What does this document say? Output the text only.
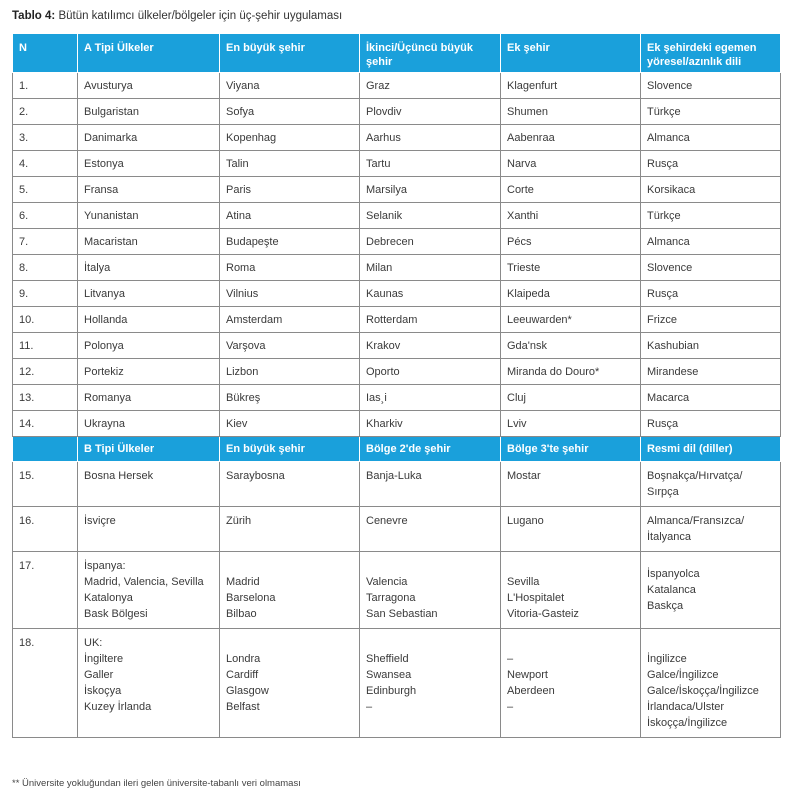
Tablo 4: Bütün katılımcı ülkeler/bölgeler için üç-şehir uygulaması
N	A Tipi Ülkeler	En büyük şehir	İkinci/Üçüncü büyük şehir	Ek şehir	Ek şehirdeki egemen yöresel/azınlık dili
1.	Avusturya	Viyana	Graz	Klagenfurt	Slovence
2.	Bulgaristan	Sofya	Plovdiv	Shumen	Türkçe
3.	Danimarka	Kopenhag	Aarhus	Aabenraa	Almanca
4.	Estonya	Talin	Tartu	Narva	Rusça
5.	Fransa	Paris	Marsilya	Corte	Korsikaca
6.	Yunanistan	Atina	Selanik	Xanthi	Türkçe
7.	Macaristan	Budapeşte	Debrecen	Pécs	Almanca
8.	İtalya	Roma	Milan	Trieste	Slovence
9.	Litvanya	Vilnius	Kaunas	Klaipeda	Rusça
10.	Hollanda	Amsterdam	Rotterdam	Leeuwarden*	Frizce
11.	Polonya	Varşova	Krakov	Gda'nsk	Kashubian
12.	Portekiz	Lizbon	Oporto	Miranda do Douro*	Mirandese
13.	Romanya	Bükreş	Ias¸i	Cluj	Macarca
14.	Ukrayna	Kiev	Kharkiv	Lviv	Rusça
	B Tipi Ülkeler	En büyük şehir	Bölge 2'de şehir	Bölge 3'te şehir	Resmi dil (diller)
15.	Bosna Hersek	Saraybosna	Banja-Luka	Mostar	Boşnakça/Hırvatça/
Sırpça

16.	İsviçre	Zürih	Cenevre	Lugano	Almanca/Fransızca/
İtalyanca

17.	İspanya:
Madrid, Valencia, Sevilla
Katalonya
Bask Bölgesi	Madrid
Barselona
Bilbao	Valencia
Tarragona
San Sebastian	Sevilla
L'Hospitalet
Vitoria-Gasteiz	İspanyolca
Katalanca
Baskça

18.	UK:
İngiltere
Galler
İskoçya
Kuzey İrlanda	Londra
Cardiff
Glasgow
Belfast	Sheffield
Swansea
Edinburgh
–	–
Newport
Aberdeen
–	İngilizce
Galce/İngilizce
Galce/İskoçça/İngilizce
İrlandaca/Ulster
İskoçça/İngilizce
** Üniversite yokluğundan ileri gelen üniversite-tabanlı veri olmaması
